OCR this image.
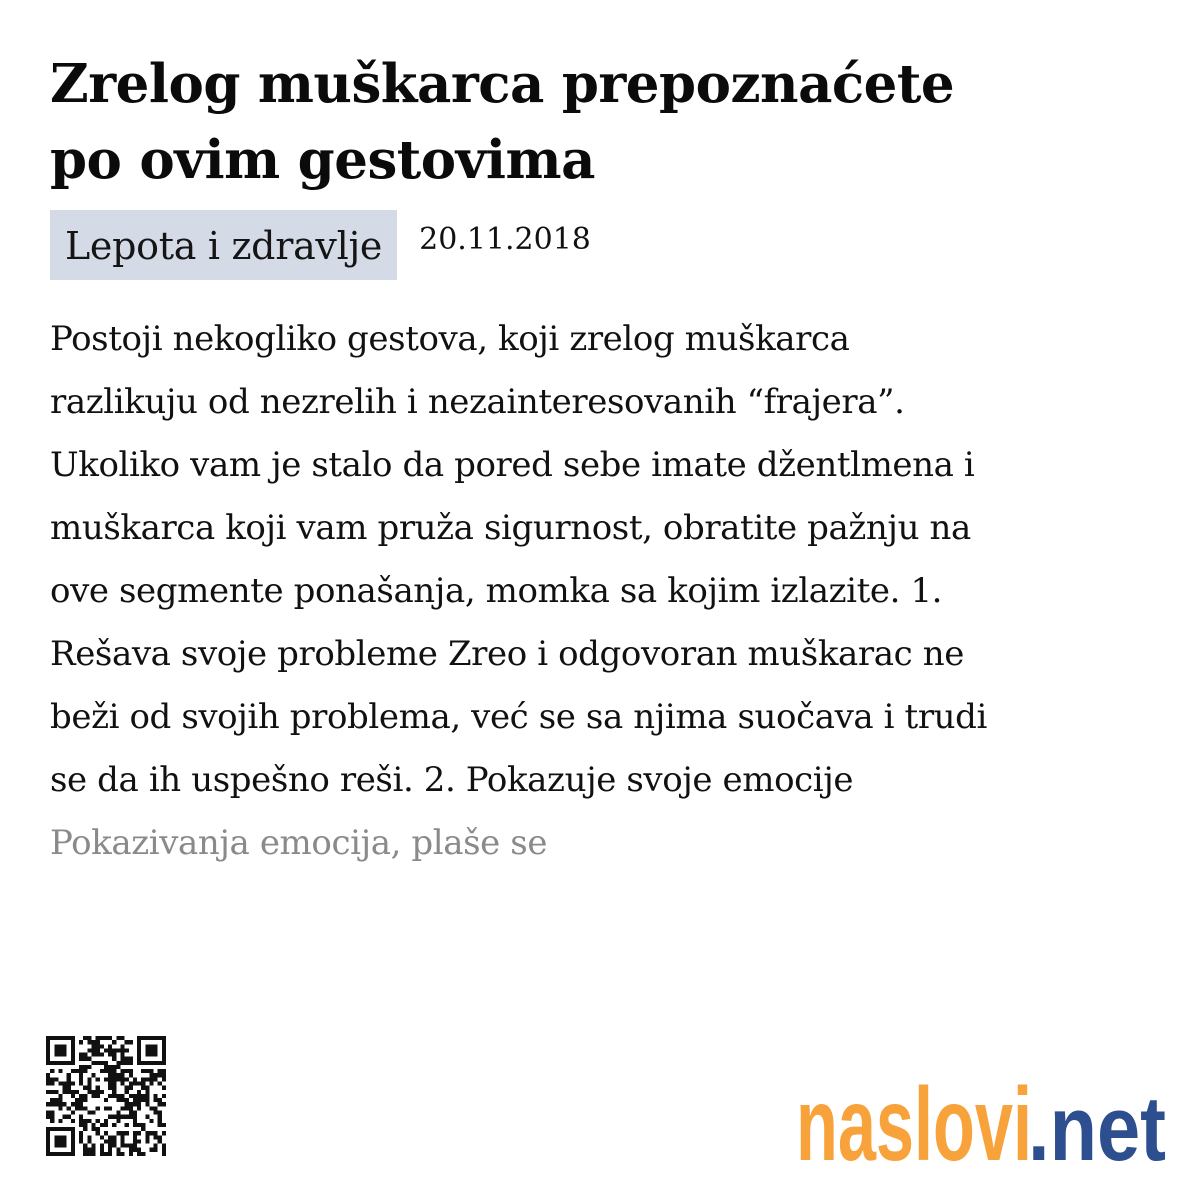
Zrelog muškarca prepoznaćete
po ovim gestovima
Lepota i zdravlje	20.11.2018
Postoji nekogliko gestova, koji zrelog muškarca
razlikuju od nezrelih i nezainteresovanih “frajera”.
Ukoliko vam je stalo da pored sebe imate džentlmena i
muškarca koji vam pruža sigurnost, obratite pažnju na
ove segmente ponašanja, momka sa kojim izlazite. 1.
Rešava svoje probleme Zreo i odgovoran muškarac ne
beži od svojih problema, već se sa njima suočava i trudi
se da ih uspešno reši. 2. Pokazuje svoje emocije
Pokazivanja emocija, plaše se
naslovi
.net
